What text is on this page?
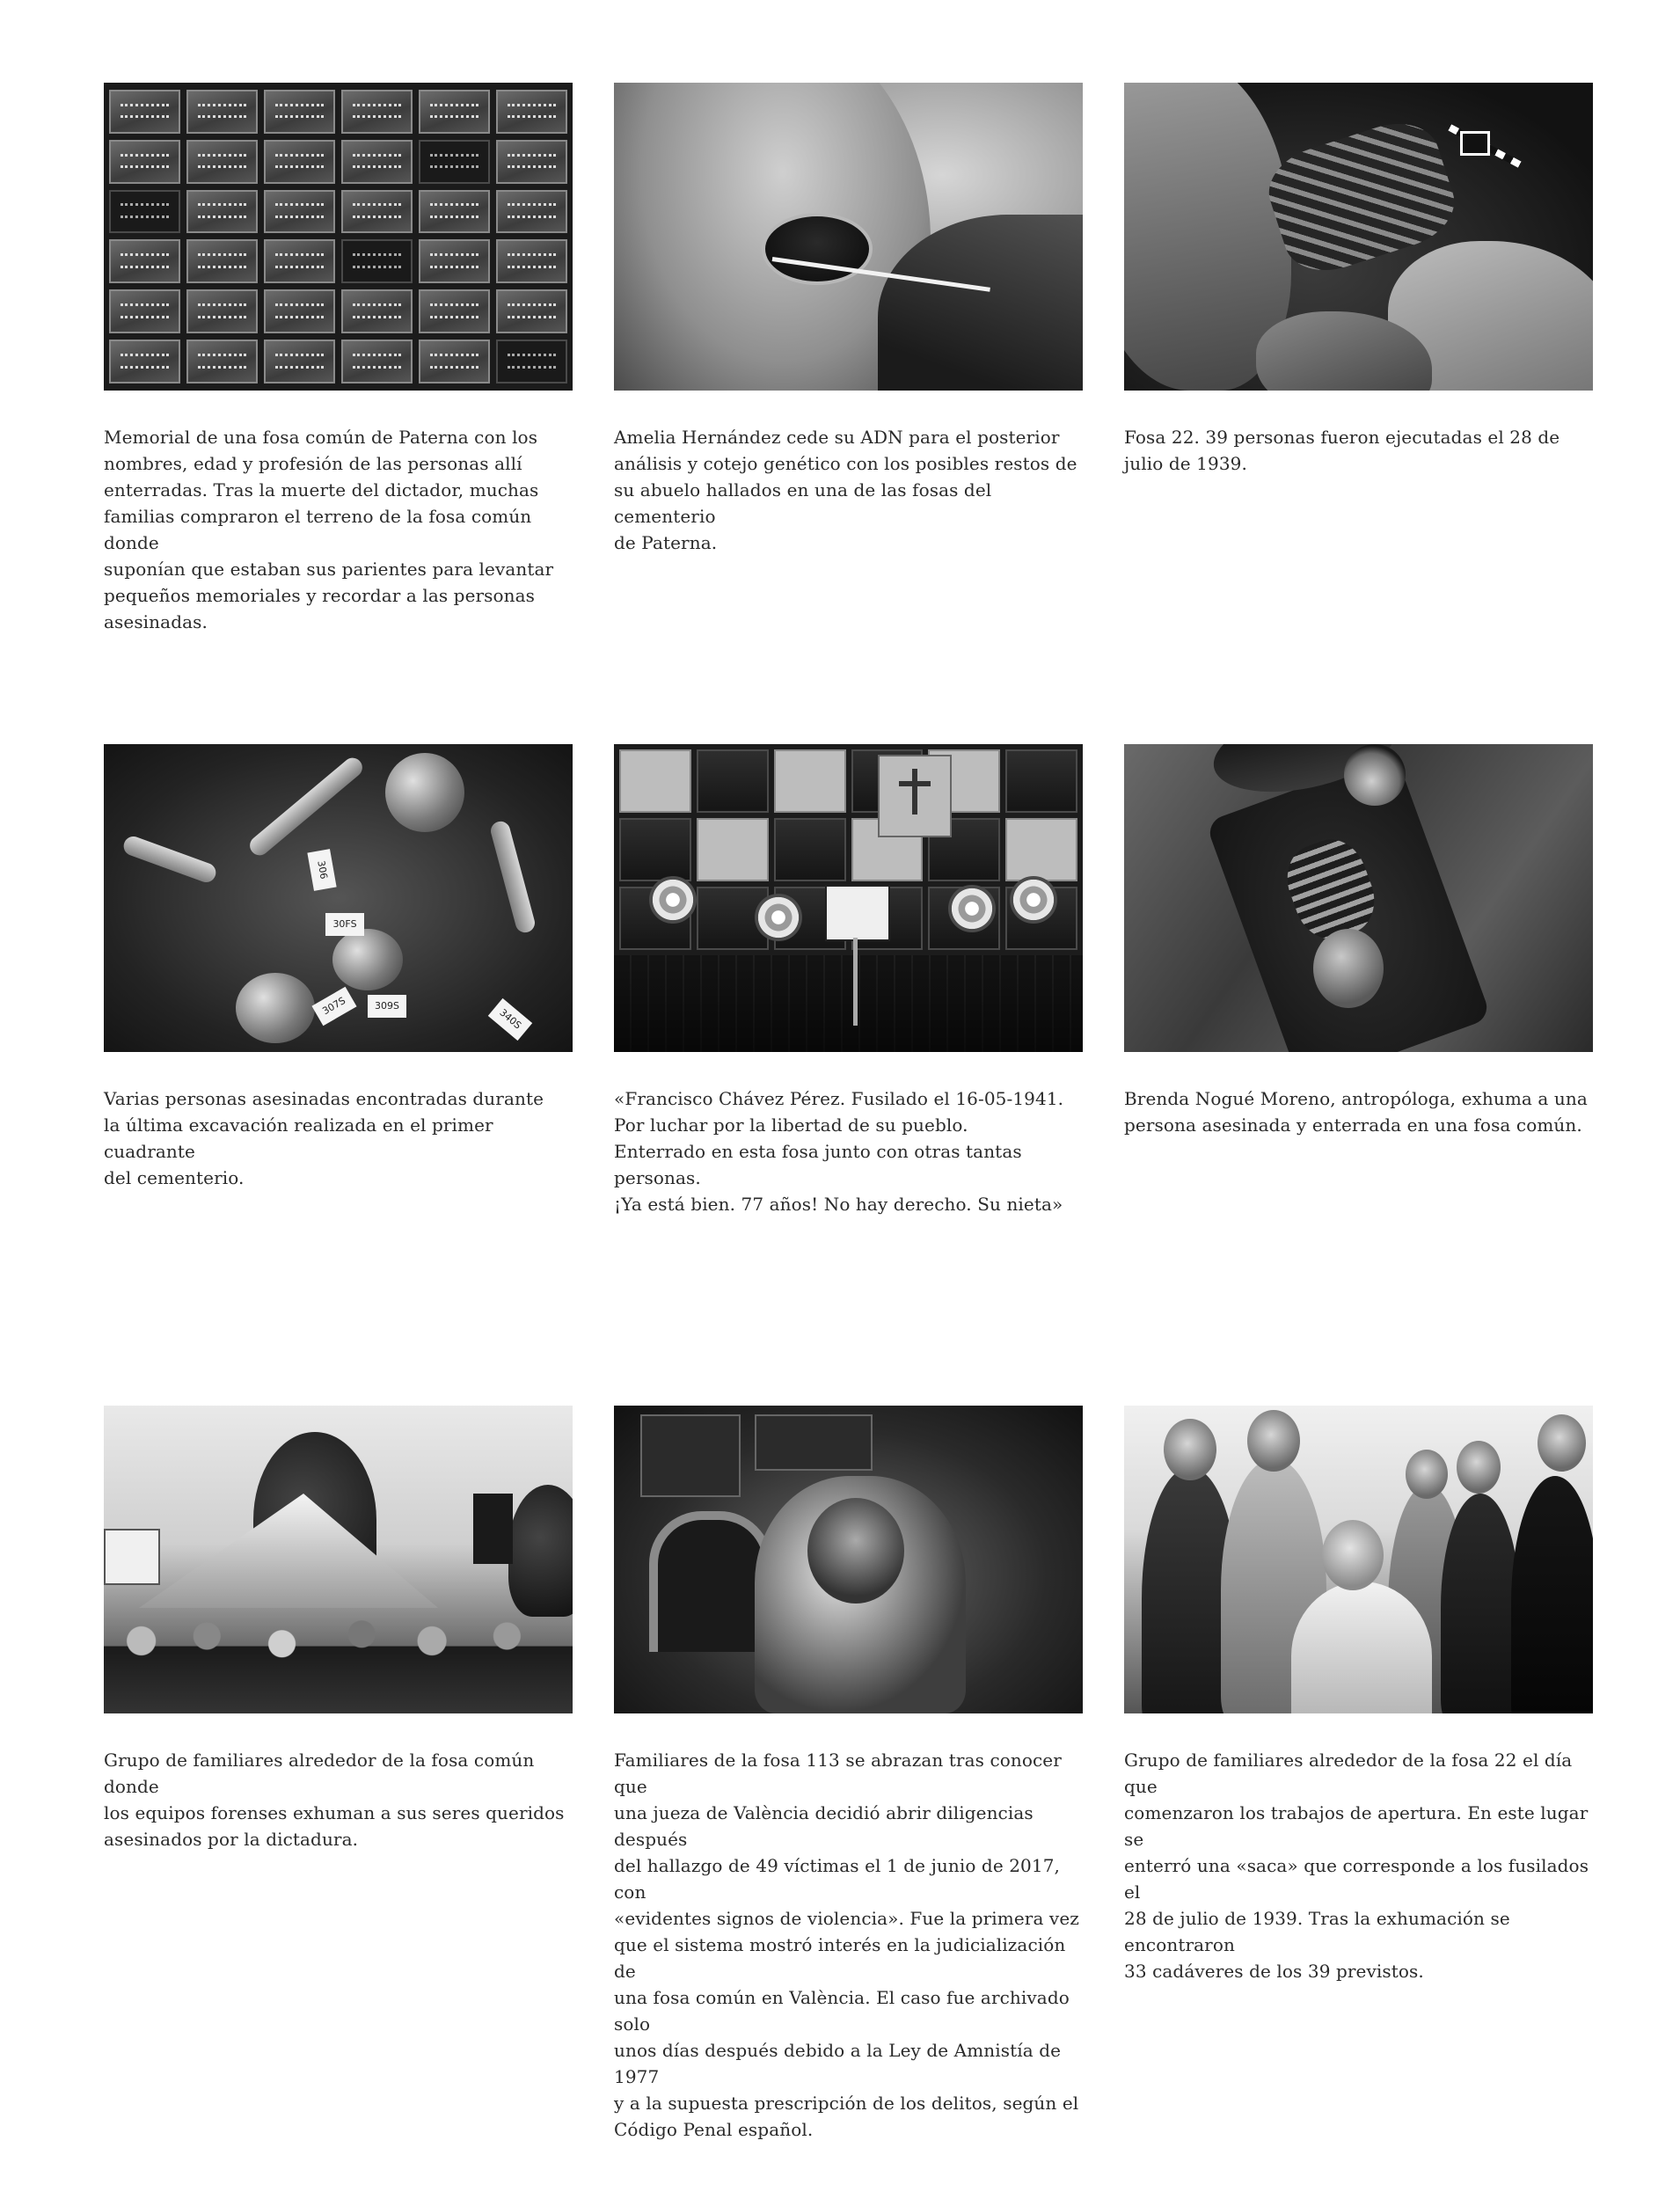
Memorial de una fosa común de Paterna con los
nombres, edad y profesión de las personas allí
enterradas. Tras la muerte del dictador, muchas
familias compraron el terreno de la fosa común donde
suponían que estaban sus parientes para levantar
pequeños memoriales y recordar a las personas
asesinadas.
Amelia Hernández cede su ADN para el posterior
análisis y cotejo genético con los posibles restos de
su abuelo hallados en una de las fosas del cementerio
de Paterna.
Fosa 22. 39 personas fueron ejecutadas el 28 de
julio de 1939.
306
30FS
307S	309S
340S
Varias personas asesinadas encontradas durante
la última excavación realizada en el primer cuadrante
del cementerio.
«Francisco Chávez Pérez. Fusilado el 16-05-1941.
Por luchar por la libertad de su pueblo.
Enterrado en esta fosa junto con otras tantas personas.
¡Ya está bien. 77 años! No hay derecho. Su nieta»
Brenda Nogué Moreno, antropóloga, exhuma a una
persona asesinada y enterrada en una fosa común.
Grupo de familiares alrededor de la fosa común donde
los equipos forenses exhuman a sus seres queridos
asesinados por la dictadura.
Familiares de la fosa 113 se abrazan tras conocer que
una jueza de València decidió abrir diligencias después
del hallazgo de 49 víctimas el 1 de junio de 2017, con
«evidentes signos de violencia». Fue la primera vez
que el sistema mostró interés en la judicialización de
una fosa común en València. El caso fue archivado solo
unos días después debido a la Ley de Amnistía de 1977
y a la supuesta prescripción de los delitos, según el
Código Penal español.
Grupo de familiares alrededor de la fosa 22 el día que
comenzaron los trabajos de apertura. En este lugar se
enterró una «saca» que corresponde a los fusilados el
28 de julio de 1939. Tras la exhumación se encontraron
33 cadáveres de los 39 previstos.
